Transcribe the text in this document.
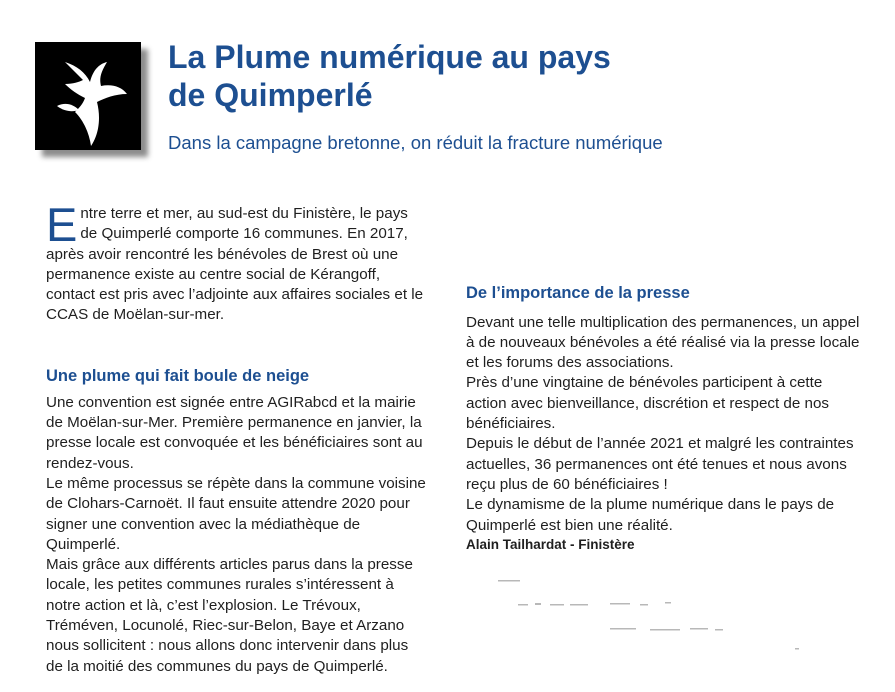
La Plume numérique au pays
de Quimperlé

Dans la campagne bretonne, on réduit la fracture numérique

Entre terre et mer, au sud-est du Finistère, le pays de Quimperlé comporte 16 communes. En 2017, après avoir rencontré les bénévoles de Brest où une permanence existe au centre social de Kérangoff, contact est pris avec l’adjointe aux affaires sociales et le CCAS de Moëlan-sur-mer.

Une plume qui fait boule de neige

Une convention est signée entre AGIRabcd et la mairie de Moëlan-sur-Mer. Première permanence en janvier, la presse locale est convoquée et les bénéficiaires sont au rendez-vous.

Le même processus se répète dans la commune voisine de Clohars-Carnoët. Il faut ensuite attendre 2020 pour signer une convention avec la médiathèque de Quimperlé.

Mais grâce aux différents articles parus dans la presse locale, les petites communes rurales s’intéressent à notre action et là, c’est l’explosion. Le Trévoux, Tréméven, Locunolé, Riec-sur-Belon, Baye et Arzano nous sollicitent : nous allons donc intervenir dans plus de la moitié des communes du pays de Quimperlé.

De l’importance de la presse

Devant une telle multiplication des permanences, un appel à de nouveaux bénévoles a été réalisé via la presse locale et les forums des associations.

Près d’une vingtaine de bénévoles participent à cette action avec bienveillance, discrétion et respect de nos bénéficiaires.

Depuis le début de l’année 2021 et malgré les contraintes actuelles, 36 permanences ont été tenues et nous avons reçu plus de 60 bénéficiaires !

Le dynamisme de la plume numérique dans le pays de Quimperlé est bien une réalité.

Alain Tailhardat - Finistère
